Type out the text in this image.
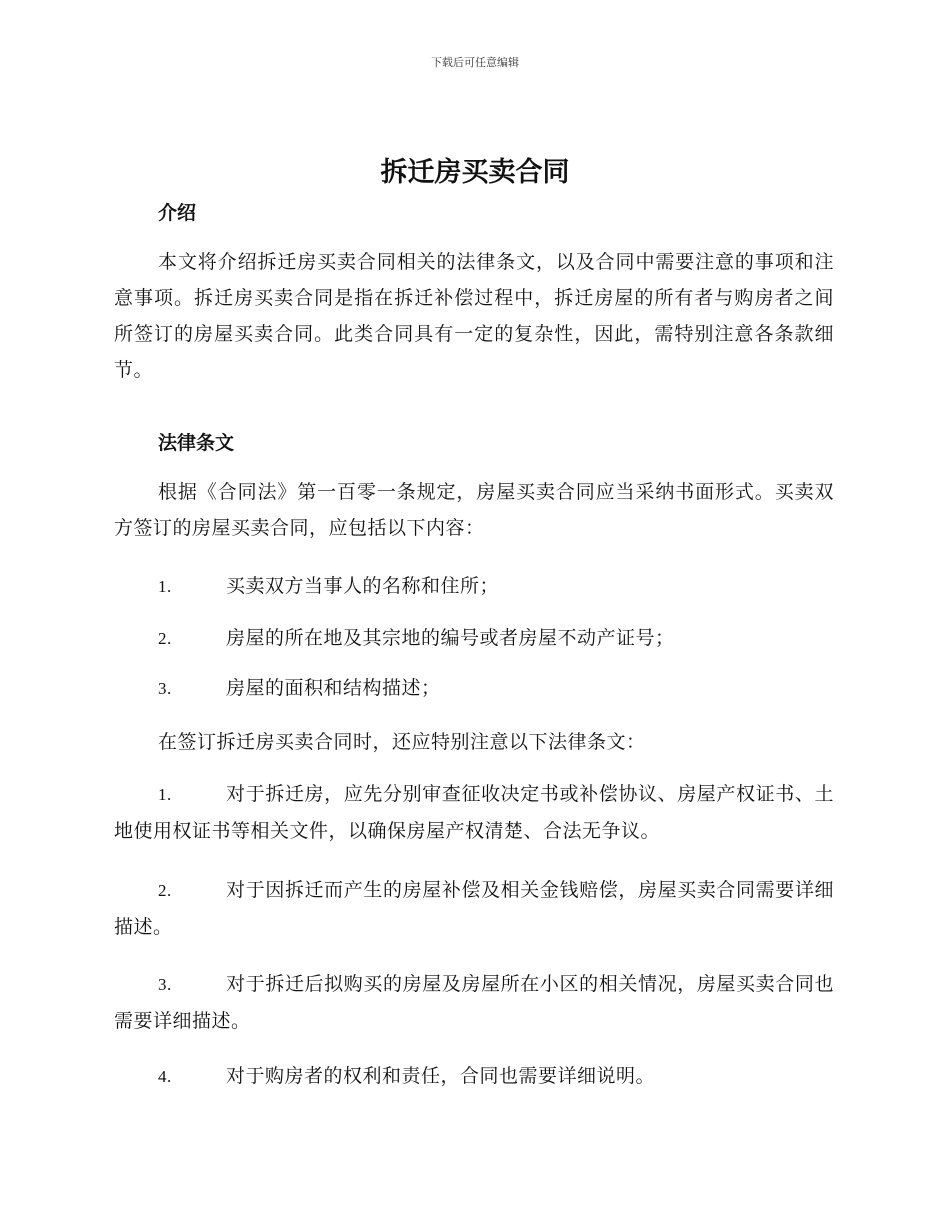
下载后可任意编辑
拆迁房买卖合同
介绍
本文将介绍拆迁房买卖合同相关的法律条文，以及合同中需要注意的事项和注意事项。拆迁房买卖合同是指在拆迁补偿过程中，拆迁房屋的所有者与购房者之间所签订的房屋买卖合同。此类合同具有一定的复杂性，因此，需特别注意各条款细节。
法律条文
根据《合同法》第一百零一条规定，房屋买卖合同应当采纳书面形式。买卖双方签订的房屋买卖合同，应包括以下内容：
1.	买卖双方当事人的名称和住所；
2.	房屋的所在地及其宗地的编号或者房屋不动产证号；
3.	房屋的面积和结构描述；
在签订拆迁房买卖合同时，还应特别注意以下法律条文：
1.	对于拆迁房，应先分别审查征收决定书或补偿协议、房屋产权证书、土地使用权证书等相关文件，以确保房屋产权清楚、合法无争议。
2.	对于因拆迁而产生的房屋补偿及相关金钱赔偿，房屋买卖合同需要详细描述。
3.	对于拆迁后拟购买的房屋及房屋所在小区的相关情况，房屋买卖合同也需要详细描述。
4.	对于购房者的权利和责任，合同也需要详细说明。
